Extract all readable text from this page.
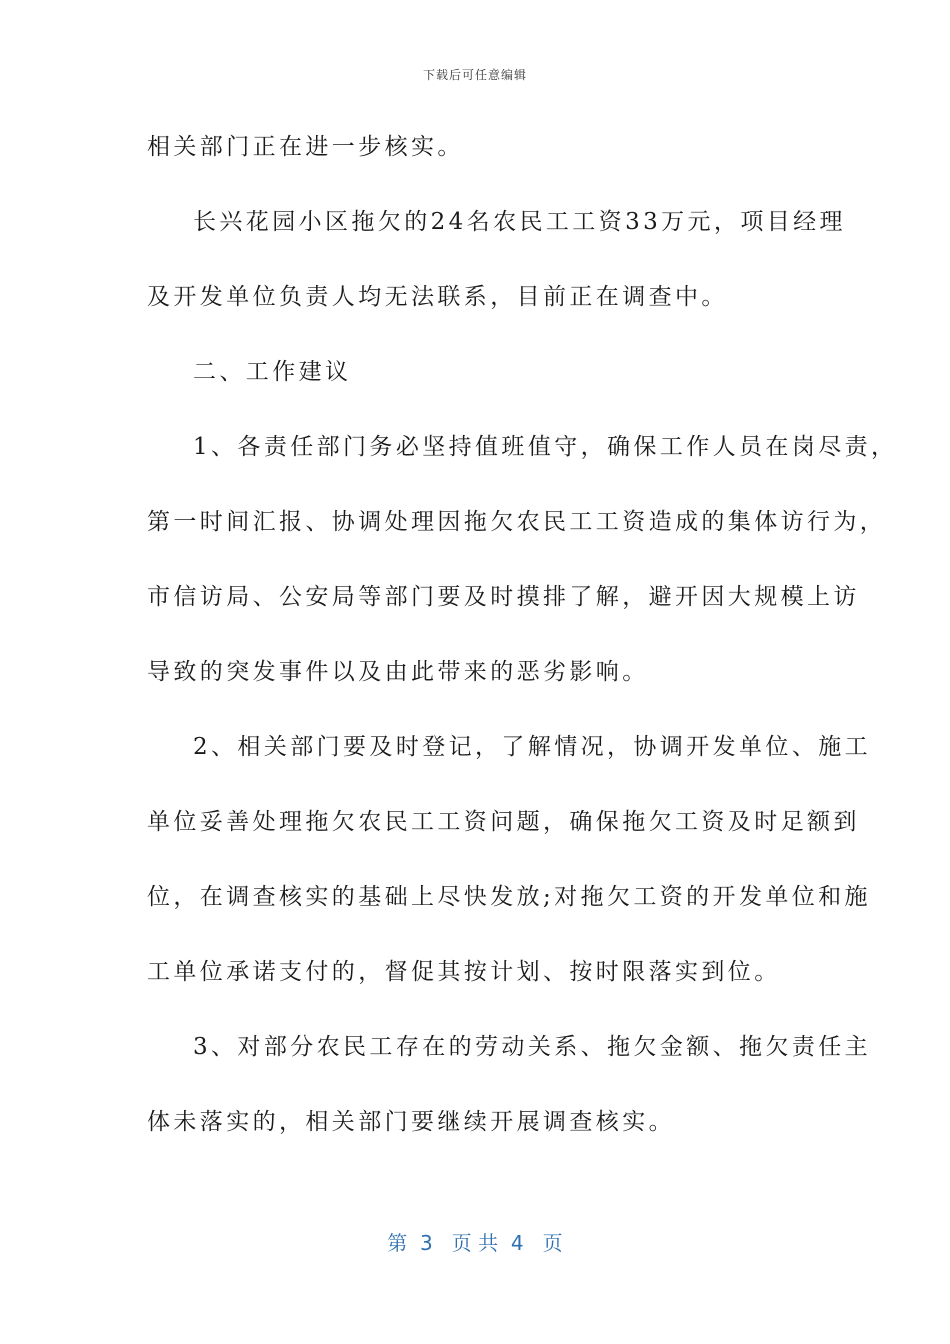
下载后可任意编辑
相关部门正在进一步核实。
长兴花园小区拖欠的24名农民工工资33万元，项目经理
及开发单位负责人均无法联系，目前正在调查中。
二、工作建议
1、各责任部门务必坚持值班值守，确保工作人员在岗尽责，
第一时间汇报、协调处理因拖欠农民工工资造成的集体访行为，
市信访局、公安局等部门要及时摸排了解，避开因大规模上访
导致的突发事件以及由此带来的恶劣影响。
2、相关部门要及时登记，了解情况，协调开发单位、施工
单位妥善处理拖欠农民工工资问题，确保拖欠工资及时足额到
位，在调查核实的基础上尽快发放;对拖欠工资的开发单位和施
工单位承诺支付的，督促其按计划、按时限落实到位。
3、对部分农民工存在的劳动关系、拖欠金额、拖欠责任主
体未落实的，相关部门要继续开展调查核实。
第  3   页 共  4   页
